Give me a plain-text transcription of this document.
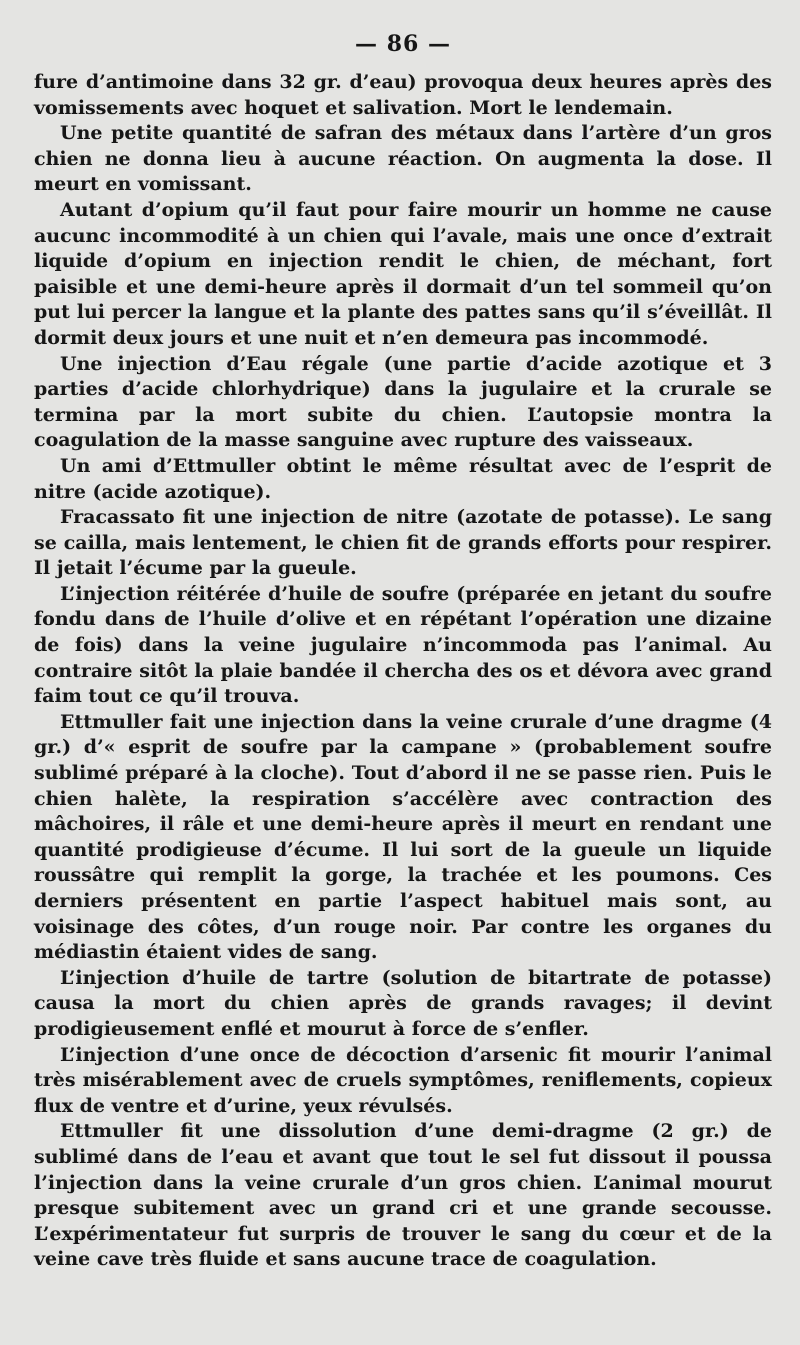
— 86 —

fure d’antimoine dans 32 gr. d’eau) provoqua deux heures après des vomissements avec hoquet et salivation. Mort le lendemain.

Une petite quantité de safran des métaux dans l’artère d’un gros chien ne donna lieu à aucune réaction. On augmenta la dose. Il meurt en vomissant.

Autant d’opium qu’il faut pour faire mourir un homme ne cause aucunc incommodité à un chien qui l’avale, mais une once d’extrait liquide d’opium en injection rendit le chien, de méchant, fort paisible et une demi-heure après il dormait d’un tel sommeil qu’on put lui percer la langue et la plante des pattes sans qu’il s’éveillât. Il dormit deux jours et une nuit et n’en demeura pas incommodé.

Une injection d’Eau régale (une partie d’acide azotique et 3 parties d’acide chlorhydrique) dans la jugulaire et la crurale se termina par la mort subite du chien. L’autopsie montra la coagulation de la masse sanguine avec rupture des vaisseaux.

Un ami d’Ettmuller obtint le même résultat avec de l’esprit de nitre (acide azotique).

Fracassato fit une injection de nitre (azotate de potasse). Le sang se cailla, mais lentement, le chien fit de grands efforts pour respirer. Il jetait l’écume par la gueule.

L’injection réitérée d’huile de soufre (préparée en jetant du soufre fondu dans de l’huile d’olive et en répétant l’opération une dizaine de fois) dans la veine jugulaire n’incommoda pas l’animal. Au contraire sitôt la plaie bandée il chercha des os et dévora avec grand faim tout ce qu’il trouva.

Ettmuller fait une injection dans la veine crurale d’une dragme (4 gr.) d’« esprit de soufre par la campane » (probablement soufre sublimé préparé à la cloche). Tout d’abord il ne se passe rien. Puis le chien halète, la respiration s’accélère avec contraction des mâchoires, il râle et une demi-heure après il meurt en rendant une quantité prodigieuse d’écume. Il lui sort de la gueule un liquide roussâtre qui remplit la gorge, la trachée et les poumons. Ces derniers présentent en partie l’aspect habituel mais sont, au voisinage des côtes, d’un rouge noir. Par contre les organes du médiastin étaient vides de sang.

L’injection d’huile de tartre (solution de bitartrate de potasse) causa la mort du chien après de grands ravages; il devint prodigieusement enflé et mourut à force de s’enfler.

L’injection d’une once de décoction d’arsenic fit mourir l’animal très misérablement avec de cruels symptômes, reniflements, copieux flux de ventre et d’urine, yeux révulsés.

Ettmuller fit une dissolution d’une demi-dragme (2 gr.) de sublimé dans de l’eau et avant que tout le sel fut dissout il poussa l’injection dans la veine crurale d’un gros chien. L’animal mourut presque subitement avec un grand cri et une grande secousse. L’expérimentateur fut surpris de trouver le sang du cœur et de la veine cave très fluide et sans aucune trace de coagulation.
